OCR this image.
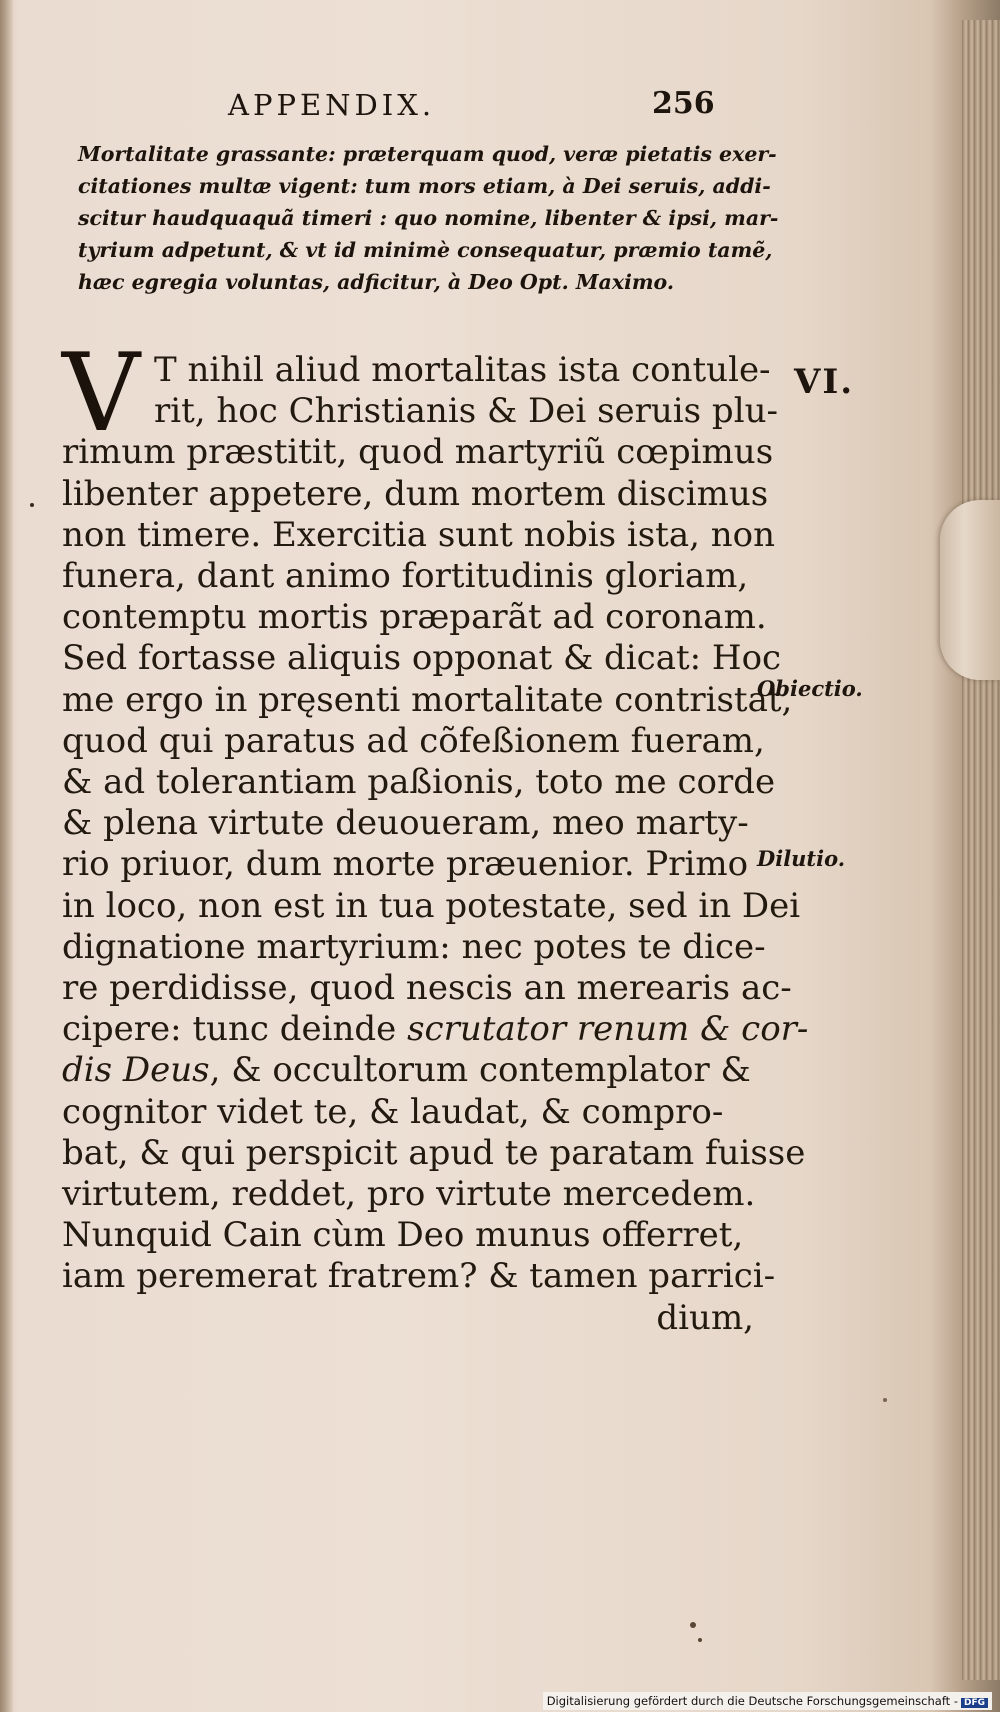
APPENDIX.	256
Mortalitate grassante: præterquam quod, veræ pietatis exer-
citationes multæ vigent: tum mors etiam, à Dei seruis, addi-
scitur haudquaquã timeri : quo nomine, libenter & ipsi, mar-
tyrium adpetunt, & vt id minimè consequatur, præmio tamẽ,
hæc egregia voluntas, adficitur, à Deo Opt. Maximo.
V T nihil aliud mortalitas ista contule-
rit, hoc Christianis & Dei seruis plu-
rimum præstitit, quod martyriũ cœpimus
libenter appetere, dum mortem discimus
non timere. Exercitia sunt nobis ista, non
funera, dant animo fortitudinis gloriam,
contemptu mortis præparãt ad coronam.
Sed fortasse aliquis opponat & dicat: Hoc
me ergo in pręsenti mortalitate contristat,
quod qui paratus ad cõfeßionem fueram,
& ad tolerantiam paßionis, toto me corde
& plena virtute deuoueram, meo marty-
rio priuor, dum morte præuenior. Primo
in loco, non est in tua potestate, sed in Dei
dignatione martyrium: nec potes te dice-
re perdidisse, quod nescis an merearis ac-
cipere: tunc deinde scrutator renum & cor-
dis Deus, & occultorum contemplator &
cognitor videt te, & laudat, & compro-
bat, & qui perspicit apud te paratam fuisse
virtutem, reddet, pro virtute mercedem.
Nunquid Cain cùm Deo munus offerret,
iam peremerat fratrem? & tamen parrici-
dium,
VI.
Obiectio.
Dilutio.
Digitalisierung gefördert durch die Deutsche Forschungsgemeinschaft - DFG
